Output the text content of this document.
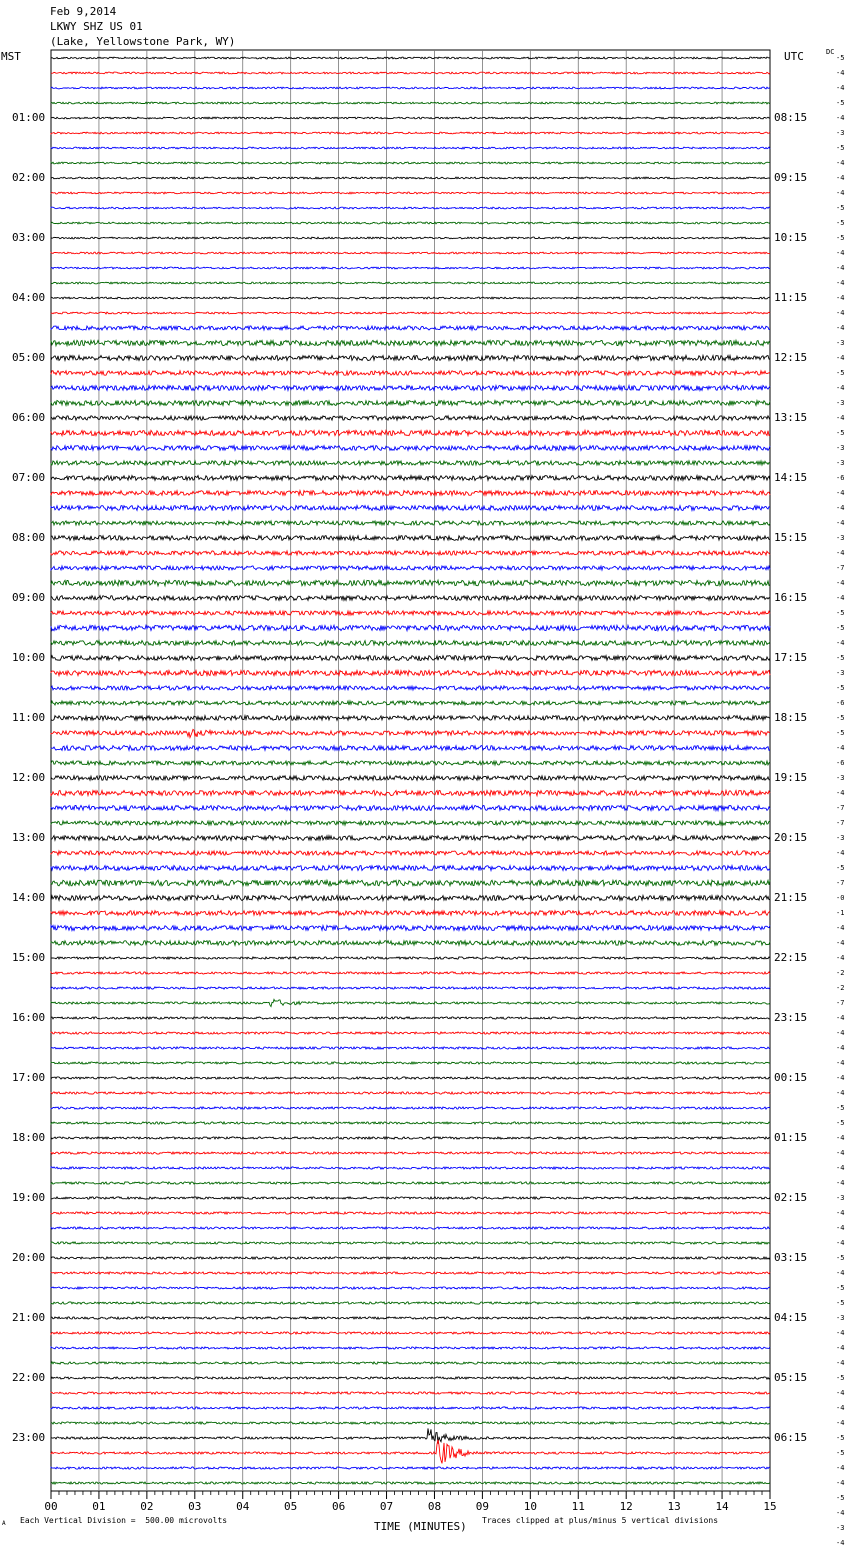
00	01	02	03	04	05	06	07	08	09	10	11	12	13	14	15
Feb 9,2014
LKWY SHZ US 01
(Lake, Yellowstone Park, WY)
MST	UTC	DC
01:00
02:00
03:00
04:00
05:00
06:00
07:00
08:00
09:00
10:00
11:00
12:00
13:00
14:00
15:00
16:00
17:00
18:00
19:00
20:00
21:00
22:00
23:00
08:15
09:15
10:15
11:15
12:15
13:15
14:15
15:15
16:15
17:15
18:15
19:15
20:15
21:15
22:15
23:15
00:15
01:15
02:15
03:15
04:15
05:15
06:15
-5
-4
-4
-5
-4
-3
-5
-4
-4
-4
-5
-5
-5
-4
-4
-4
-4
-4
-4
-3
-4
-5
-4
-3
-4
-5
-3
-3
-6
-4
-4
-4
-3
-4
-7
-4
-4
-5
-5
-4
-5
-3
-5
-6
-5
-5
-4
-6
-3
-4
-7
-7
-3
-4
-5
-7
-0
-1
-4
-4
-4
-2
-2
-7
-4
-4
-4
-4
-4
-4
-5
-5
-4
-4
-4
-4
-3
-4
-4
-4
-5
-4
-5
-5
-3
-4
-4
-4
-5
-4
-4
-4
-5
-5
-4
-4
-5
-4
-3
-4
TIME (MINUTES)
A Each Vertical Division =  500.00 microvolts	Traces clipped at plus/minus 5 vertical divisions
